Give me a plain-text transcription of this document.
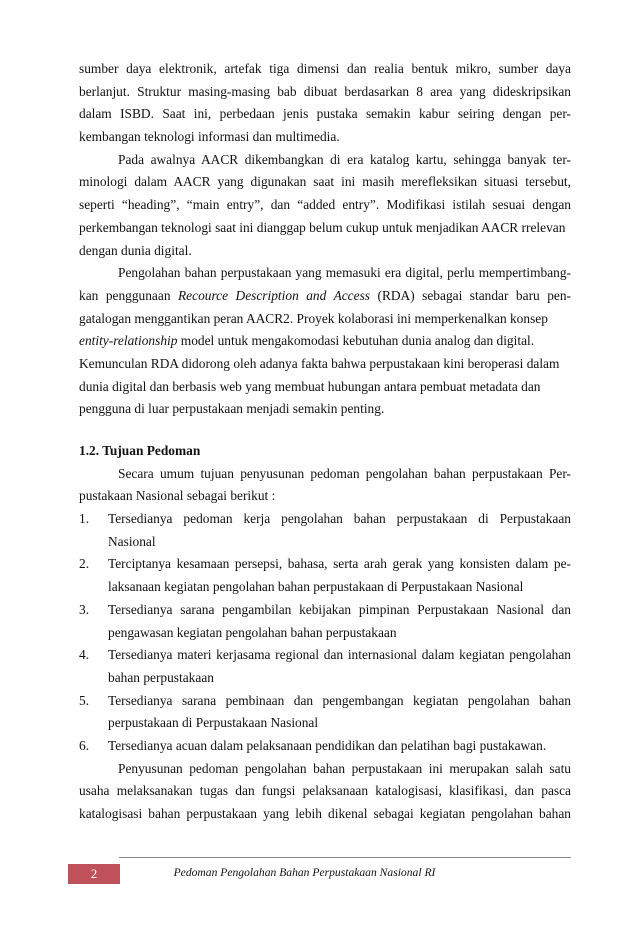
sumber daya elektronik, artefak tiga dimensi dan realia bentuk mikro, sumber daya
berlanjut. Struktur masing-masing bab dibuat berdasarkan 8 area yang dideskripsikan
dalam ISBD. Saat ini, perbedaan jenis pustaka semakin kabur seiring dengan per-
kembangan teknologi informasi dan multimedia.
Pada awalnya AACR dikembangkan di era katalog kartu, sehingga banyak ter-
minologi dalam AACR yang digunakan saat ini masih merefleksikan situasi tersebut,
seperti “heading”, “main entry”, dan “added entry”. Modifikasi istilah sesuai dengan
perkembangan teknologi saat ini dianggap belum cukup untuk menjadikan AACR rrelevan
dengan dunia digital.
Pengolahan bahan perpustakaan yang memasuki era digital, perlu mempertimbang-
kan penggunaan Recource Description and Access (RDA) sebagai standar baru pen-
gatalogan menggantikan peran AACR2. Proyek kolaborasi ini memperkenalkan konsep
entity-relationship model untuk mengakomodasi kebutuhan dunia analog dan digital.
Kemunculan RDA didorong oleh adanya fakta bahwa perpustakaan kini beroperasi dalam
dunia digital dan berbasis web yang membuat hubungan antara pembuat metadata dan
pengguna di luar perpustakaan menjadi semakin penting.
1.2. Tujuan Pedoman
Secara umum tujuan penyusunan pedoman pengolahan bahan perpustakaan Per-
pustakaan Nasional sebagai berikut :
1.	Tersedianya pedoman kerja pengolahan bahan perpustakaan di Perpustakaan
Nasional
2.	Terciptanya kesamaan persepsi, bahasa, serta arah gerak yang konsisten dalam pe-
laksanaan kegiatan pengolahan bahan perpustakaan di Perpustakaan Nasional
3.	Tersedianya sarana pengambilan kebijakan pimpinan Perpustakaan Nasional dan
pengawasan kegiatan pengolahan bahan perpustakaan
4.	Tersedianya materi kerjasama regional dan internasional dalam kegiatan pengolahan
bahan perpustakaan
5.	Tersedianya sarana pembinaan dan pengembangan kegiatan pengolahan bahan
perpustakaan di Perpustakaan Nasional
6.	Tersedianya acuan dalam pelaksanaan pendidikan dan pelatihan bagi pustakawan.
Penyusunan pedoman pengolahan bahan perpustakaan ini merupakan salah satu
usaha melaksanakan tugas dan fungsi pelaksanaan katalogisasi, klasifikasi, dan pasca
katalogisasi bahan perpustakaan yang lebih dikenal sebagai kegiatan pengolahan bahan
2	Pedoman Pengolahan Bahan Perpustakaan Nasional RI
